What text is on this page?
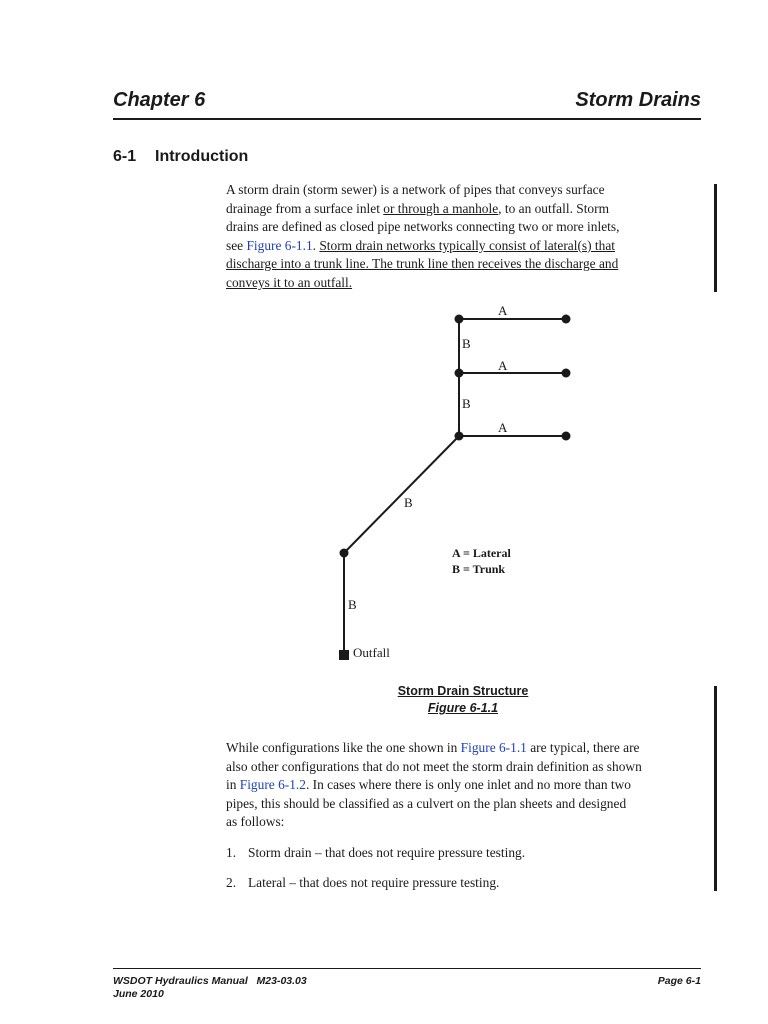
Chapter 6	Storm Drains
6-1 Introduction
A storm drain (storm sewer) is a network of pipes that conveys surface
drainage from a surface inlet or through a manhole, to an outfall. Storm
drains are defined as closed pipe networks connecting two or more inlets,
see Figure 6-1.1. Storm drain networks typically consist of lateral(s) that
discharge into a trunk line. The trunk line then receives the discharge and
conveys it to an outfall.
A
A
A
B
B
B
B
Outfall
A = Lateral
B = Trunk
Storm Drain Structure
Figure 6-1.1
While configurations like the one shown in Figure 6-1.1 are typical, there are
also other configurations that do not meet the storm drain definition as shown
in Figure 6-1.2. In cases where there is only one inlet and no more than two
pipes, this should be classified as a culvert on the plan sheets and designed
as follows:
1. Storm drain – that does not require pressure testing.
2. Lateral – that does not require pressure testing.
WSDOT Hydraulics Manual   M23-03.03
June 2010
Page 6-1
